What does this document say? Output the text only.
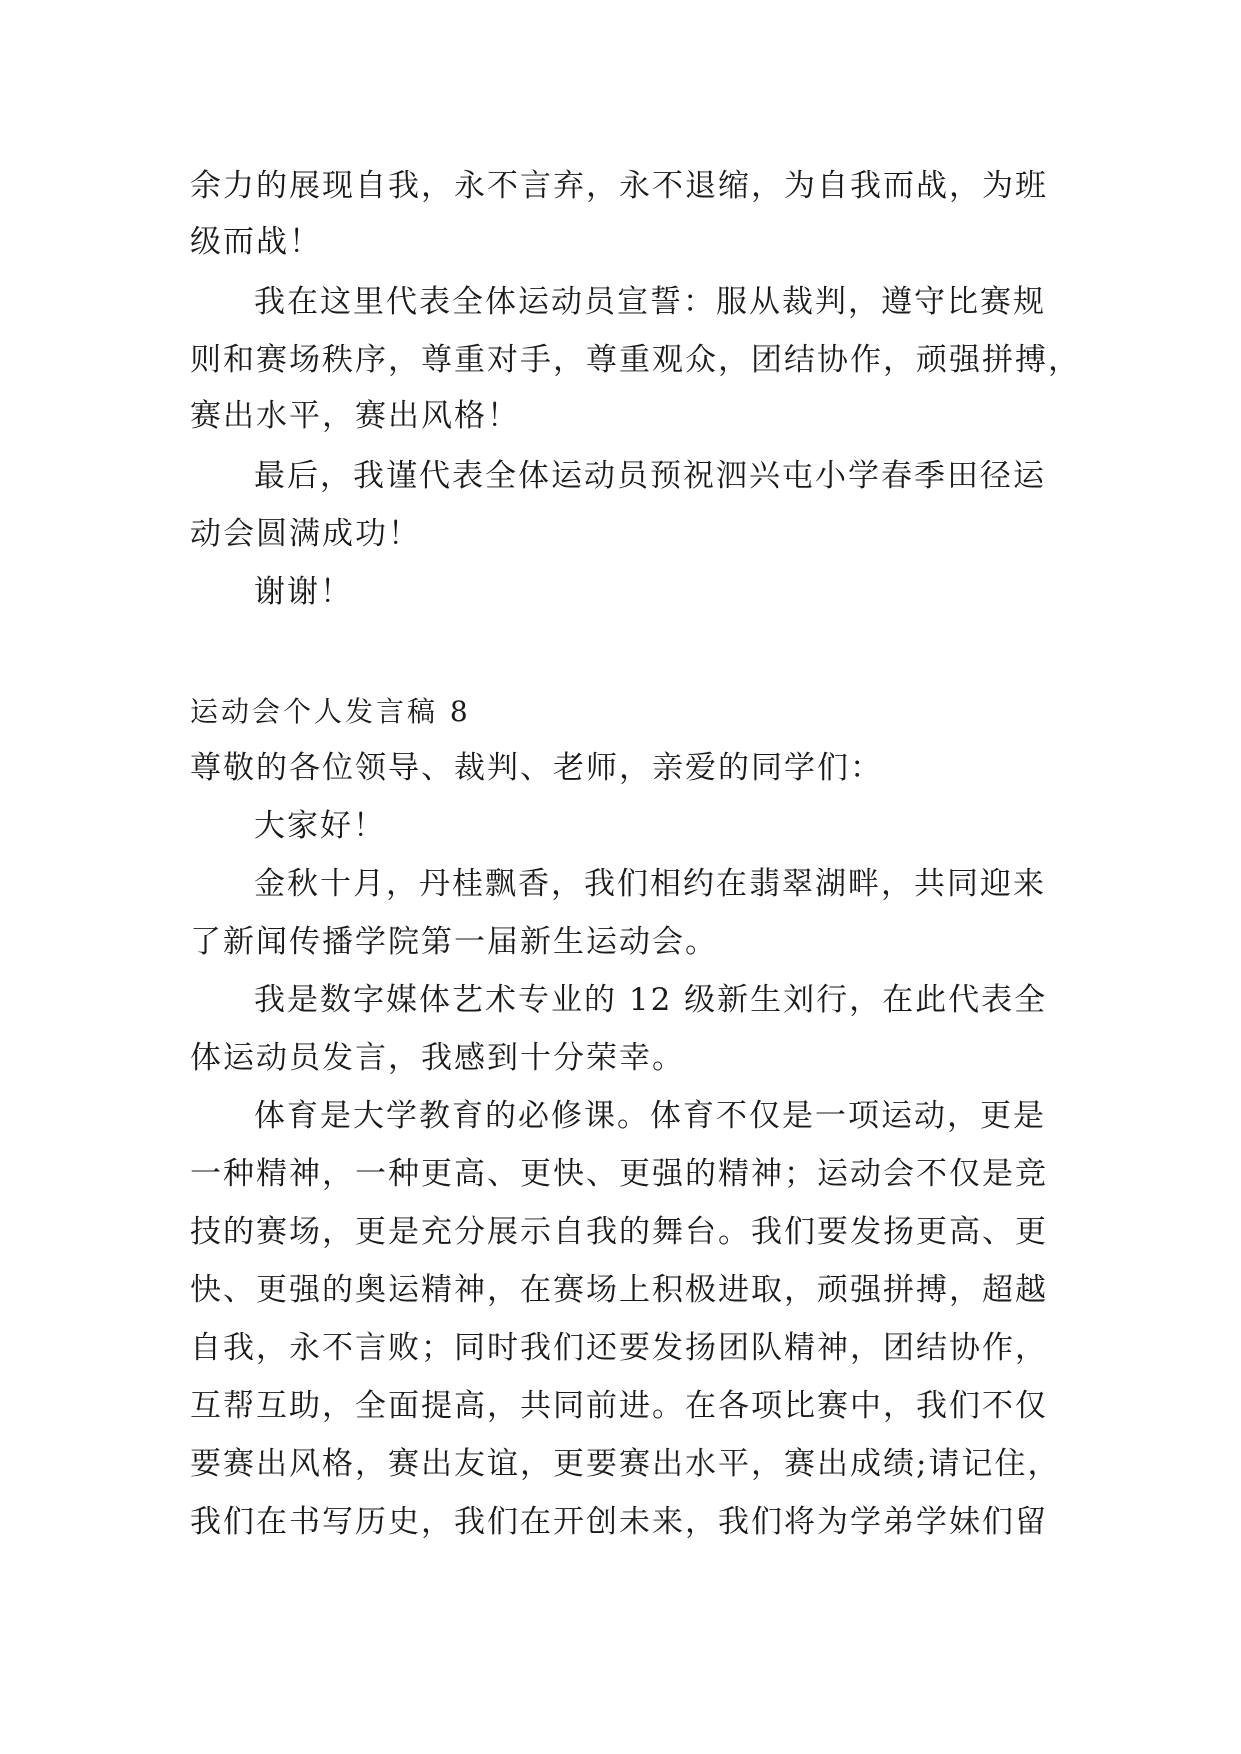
余力的展现自我，永不言弃，永不退缩，为自我而战，为班

级而战！

我在这里代表全体运动员宣誓：服从裁判，遵守比赛规

则和赛场秩序，尊重对手，尊重观众，团结协作，顽强拼搏，

赛出水平，赛出风格！

最后，我谨代表全体运动员预祝泗兴屯小学春季田径运

动会圆满成功！

谢谢！

运动会个人发言稿 8

尊敬的各位领导、裁判、老师，亲爱的同学们：

大家好！

金秋十月，丹桂飘香，我们相约在翡翠湖畔，共同迎来

了新闻传播学院第一届新生运动会。

我是数字媒体艺术专业的 12 级新生刘行，在此代表全

体运动员发言，我感到十分荣幸。

体育是大学教育的必修课。体育不仅是一项运动，更是

一种精神，一种更高、更快、更强的精神；运动会不仅是竞

技的赛场，更是充分展示自我的舞台。我们要发扬更高、更

快、更强的奥运精神，在赛场上积极进取，顽强拼搏，超越

自我，永不言败；同时我们还要发扬团队精神，团结协作，

互帮互助，全面提高，共同前进。在各项比赛中，我们不仅

要赛出风格，赛出友谊，更要赛出水平，赛出成绩;请记住，

我们在书写历史，我们在开创未来，我们将为学弟学妹们留
